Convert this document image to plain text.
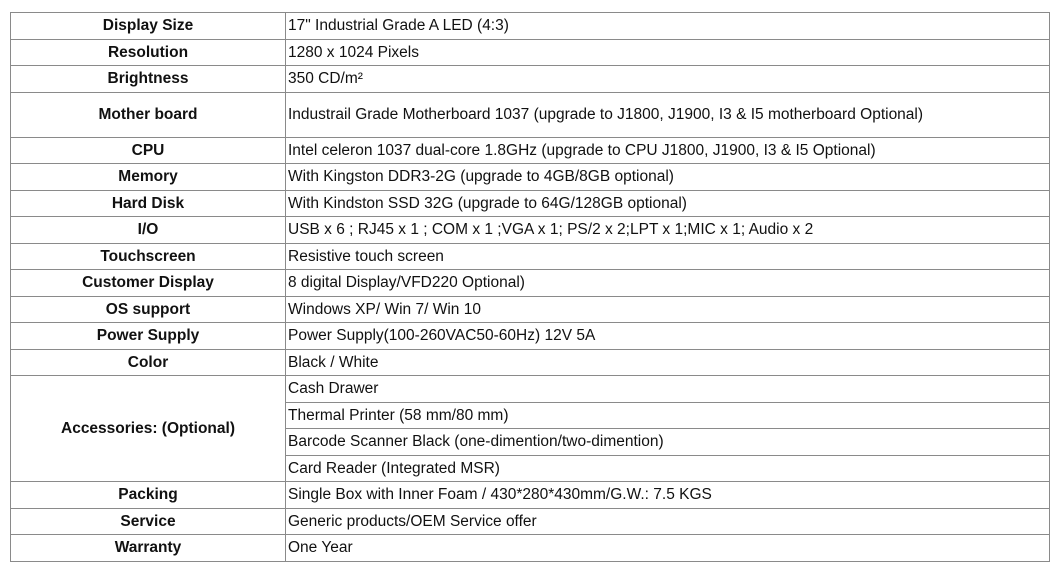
Display Size	17" Industrial Grade A LED (4:3)
Resolution	1280 x 1024 Pixels
Brightness	350 CD/m²
Mother board	Industrail Grade Motherboard 1037 (upgrade to J1800, J1900, I3 & I5 motherboard Optional)
CPU	Intel celeron 1037 dual-core 1.8GHz (upgrade to CPU J1800, J1900, I3 & I5 Optional)
Memory	With Kingston DDR3-2G (upgrade to 4GB/8GB optional)
Hard Disk	With Kindston SSD 32G (upgrade to 64G/128GB optional)
I/O	USB x 6 ; RJ45 x 1 ; COM x 1 ;VGA x 1; PS/2 x 2;LPT x 1;MIC x 1; Audio x 2
Touchscreen	Resistive touch screen
Customer Display	8 digital Display/VFD220 Optional)
OS support	Windows XP/ Win 7/ Win 10
Power Supply	Power Supply(100-260VAC50-60Hz) 12V 5A
Color	Black / White
Accessories: (Optional)	Cash Drawer
	Thermal Printer (58 mm/80 mm)
	Barcode Scanner Black (one-dimention/two-dimention)
	Card Reader (Integrated MSR)
Packing	Single Box with Inner Foam / 430*280*430mm/G.W.: 7.5 KGS
Service	Generic products/OEM Service offer
Warranty	One Year
